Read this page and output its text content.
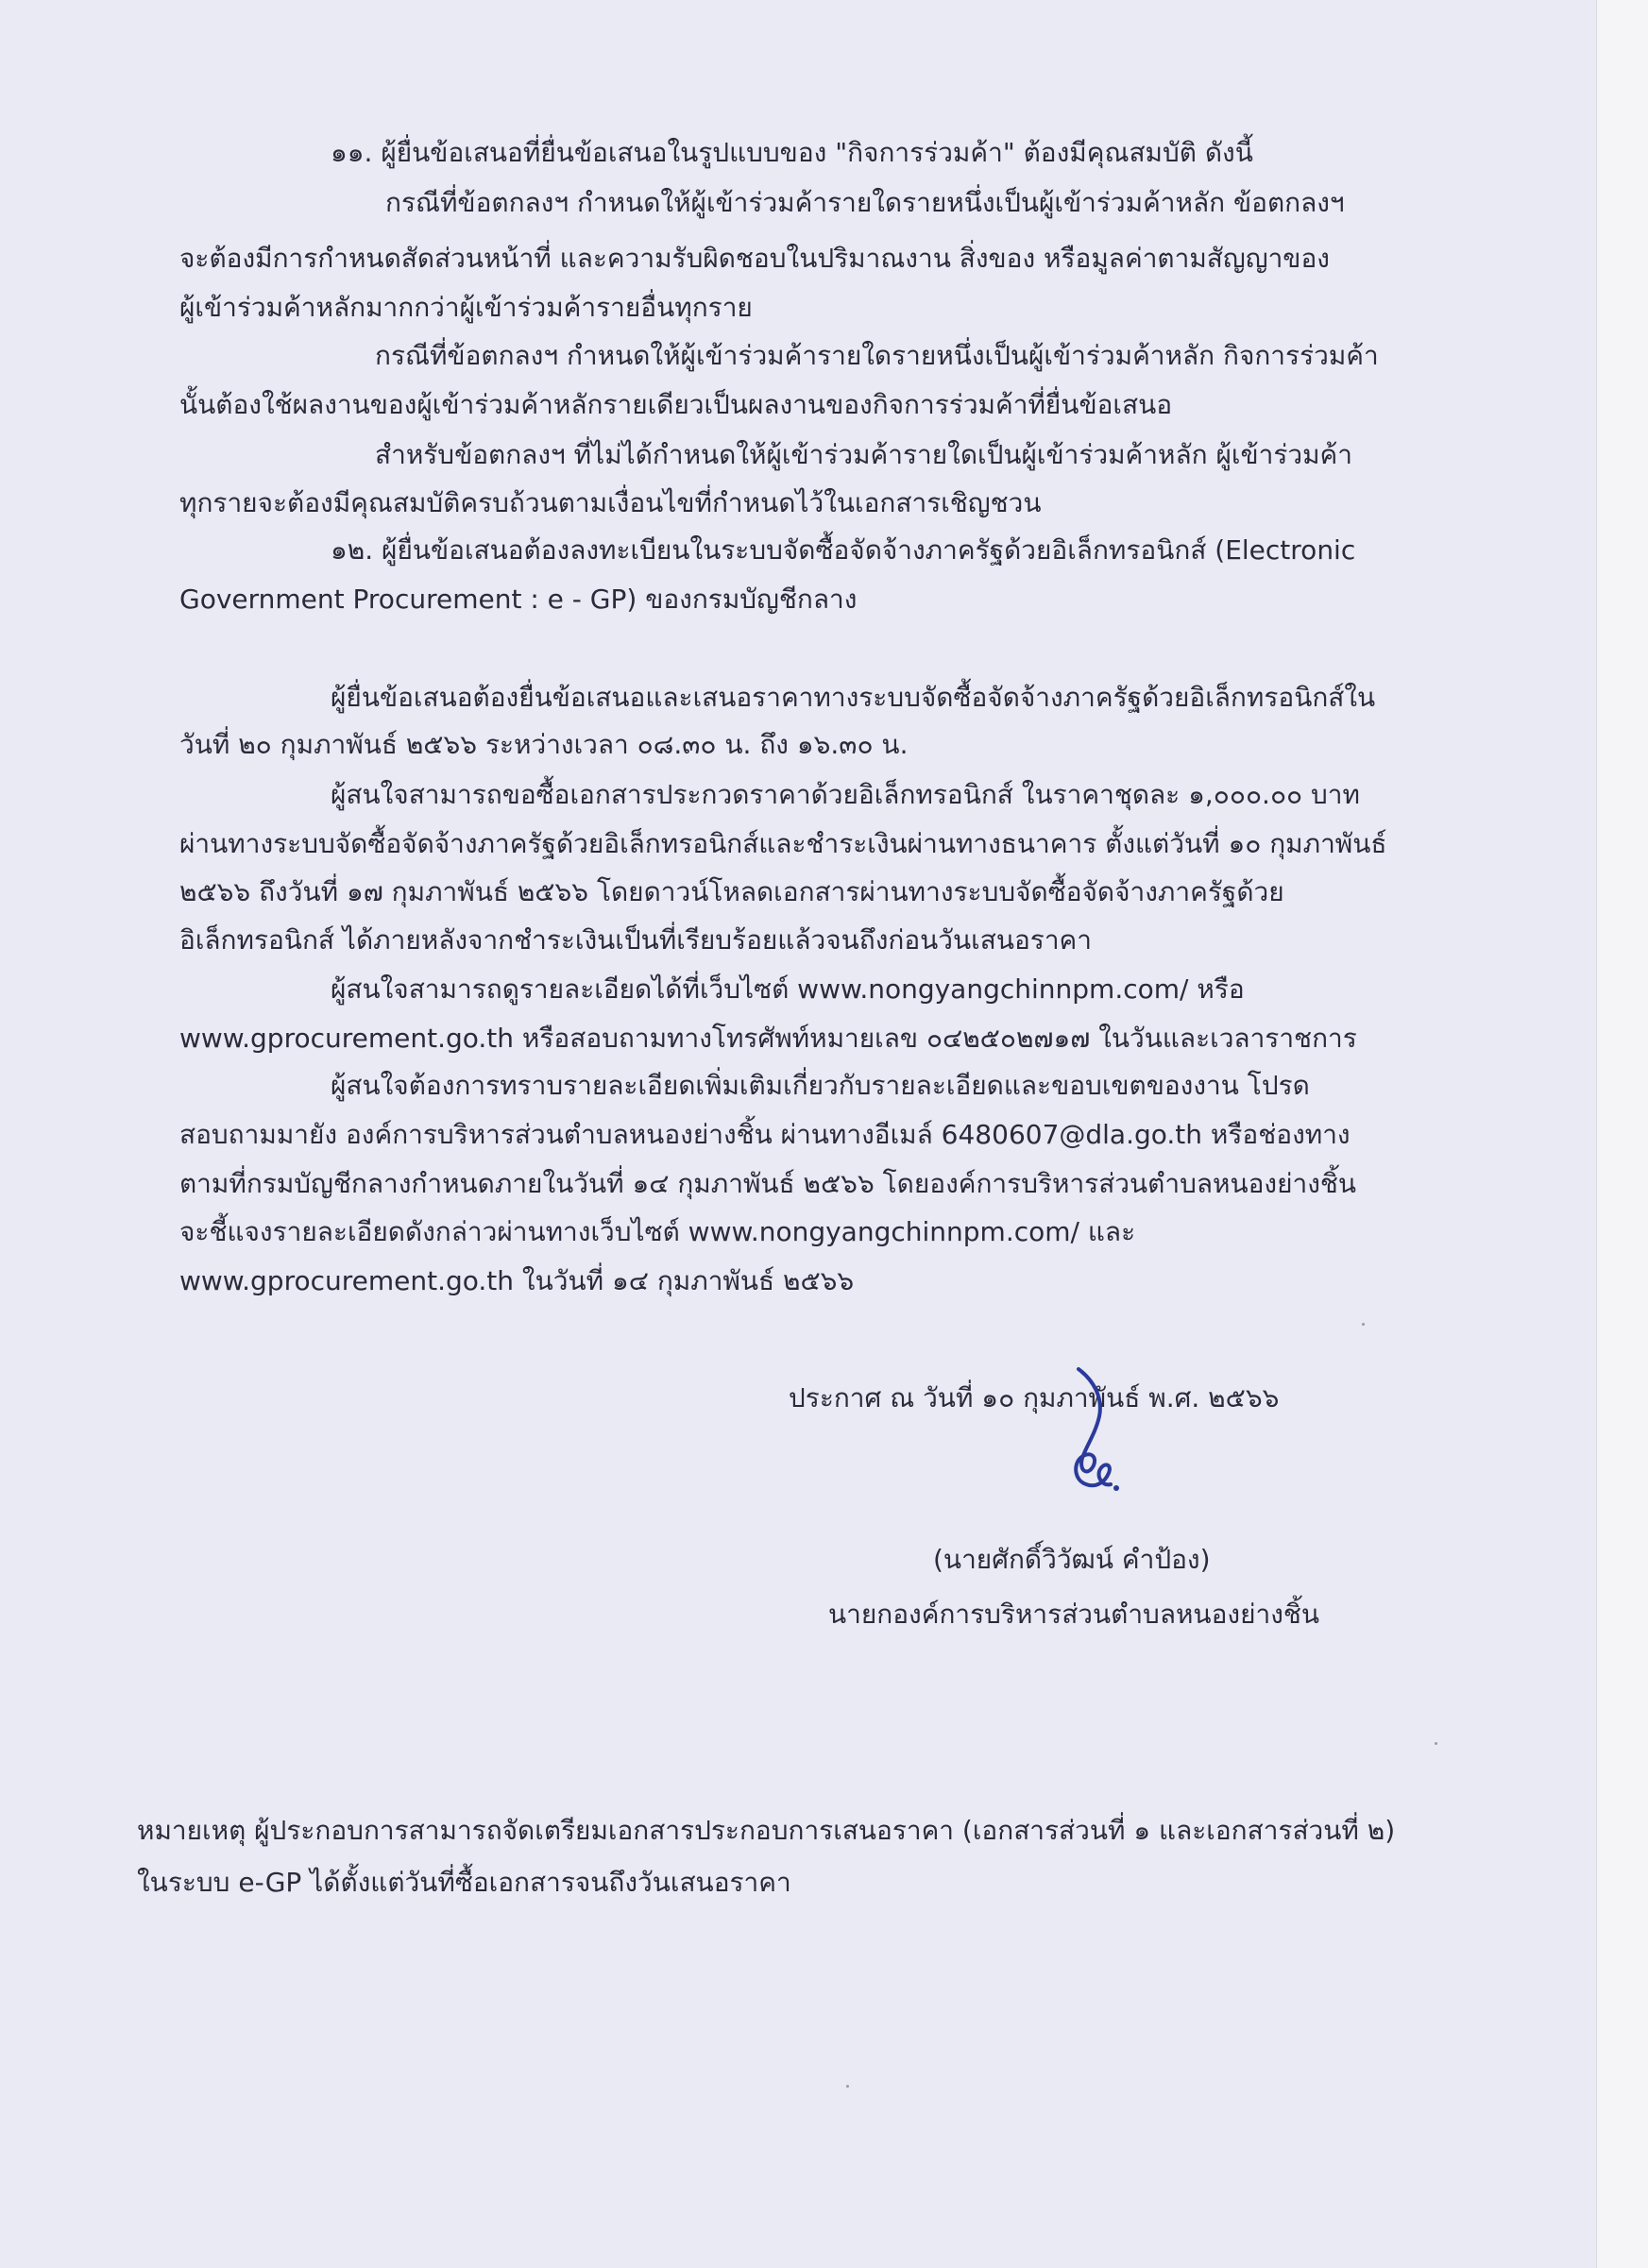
๑๑. ผู้ยื่นข้อเสนอที่ยื่นข้อเสนอในรูปแบบของ "กิจการร่วมค้า" ต้องมีคุณสมบัติ ดังนี้
กรณีที่ข้อตกลงฯ กำหนดให้ผู้เข้าร่วมค้ารายใดรายหนึ่งเป็นผู้เข้าร่วมค้าหลัก ข้อตกลงฯ
จะต้องมีการกำหนดสัดส่วนหน้าที่ และความรับผิดชอบในปริมาณงาน สิ่งของ หรือมูลค่าตามสัญญาของ
ผู้เข้าร่วมค้าหลักมากกว่าผู้เข้าร่วมค้ารายอื่นทุกราย
กรณีที่ข้อตกลงฯ กำหนดให้ผู้เข้าร่วมค้ารายใดรายหนึ่งเป็นผู้เข้าร่วมค้าหลัก กิจการร่วมค้า
นั้นต้องใช้ผลงานของผู้เข้าร่วมค้าหลักรายเดียวเป็นผลงานของกิจการร่วมค้าที่ยื่นข้อเสนอ
สำหรับข้อตกลงฯ ที่ไม่ได้กำหนดให้ผู้เข้าร่วมค้ารายใดเป็นผู้เข้าร่วมค้าหลัก ผู้เข้าร่วมค้า
ทุกรายจะต้องมีคุณสมบัติครบถ้วนตามเงื่อนไขที่กำหนดไว้ในเอกสารเชิญชวน
๑๒. ผู้ยื่นข้อเสนอต้องลงทะเบียนในระบบจัดซื้อจัดจ้างภาครัฐด้วยอิเล็กทรอนิกส์ (Electronic
Government Procurement : e - GP) ของกรมบัญชีกลาง
ผู้ยื่นข้อเสนอต้องยื่นข้อเสนอและเสนอราคาทางระบบจัดซื้อจัดจ้างภาครัฐด้วยอิเล็กทรอนิกส์ใน
วันที่ ๒๐ กุมภาพันธ์ ๒๕๖๖ ระหว่างเวลา ๐๘.๓๐ น. ถึง ๑๖.๓๐ น.
ผู้สนใจสามารถขอซื้อเอกสารประกวดราคาด้วยอิเล็กทรอนิกส์ ในราคาชุดละ ๑,๐๐๐.๐๐ บาท
ผ่านทางระบบจัดซื้อจัดจ้างภาครัฐด้วยอิเล็กทรอนิกส์และชำระเงินผ่านทางธนาคาร ตั้งแต่วันที่ ๑๐ กุมภาพันธ์
๒๕๖๖ ถึงวันที่ ๑๗ กุมภาพันธ์ ๒๕๖๖ โดยดาวน์โหลดเอกสารผ่านทางระบบจัดซื้อจัดจ้างภาครัฐด้วย
อิเล็กทรอนิกส์ ได้ภายหลังจากชำระเงินเป็นที่เรียบร้อยแล้วจนถึงก่อนวันเสนอราคา
ผู้สนใจสามารถดูรายละเอียดได้ที่เว็บไซต์ www.nongyangchinnpm.com/ หรือ
www.gprocurement.go.th หรือสอบถามทางโทรศัพท์หมายเลข ๐๔๒๕๐๒๗๑๗ ในวันและเวลาราชการ
ผู้สนใจต้องการทราบรายละเอียดเพิ่มเติมเกี่ยวกับรายละเอียดและขอบเขตของงาน โปรด
สอบถามมายัง องค์การบริหารส่วนตำบลหนองย่างชิ้น ผ่านทางอีเมล์ 6480607@dla.go.th หรือช่องทาง
ตามที่กรมบัญชีกลางกำหนดภายในวันที่ ๑๔ กุมภาพันธ์ ๒๕๖๖ โดยองค์การบริหารส่วนตำบลหนองย่างชิ้น
จะชี้แจงรายละเอียดดังกล่าวผ่านทางเว็บไซต์ www.nongyangchinnpm.com/ และ
www.gprocurement.go.th ในวันที่ ๑๔ กุมภาพันธ์ ๒๕๖๖
ประกาศ ณ วันที่ ๑๐ กุมภาพันธ์ พ.ศ. ๒๕๖๖
(นายศักดิ์วิวัฒน์ คำป้อง)
นายกองค์การบริหารส่วนตำบลหนองย่างชิ้น
หมายเหตุ ผู้ประกอบการสามารถจัดเตรียมเอกสารประกอบการเสนอราคา (เอกสารส่วนที่ ๑ และเอกสารส่วนที่ ๒)
ในระบบ e-GP ได้ตั้งแต่วันที่ซื้อเอกสารจนถึงวันเสนอราคา
